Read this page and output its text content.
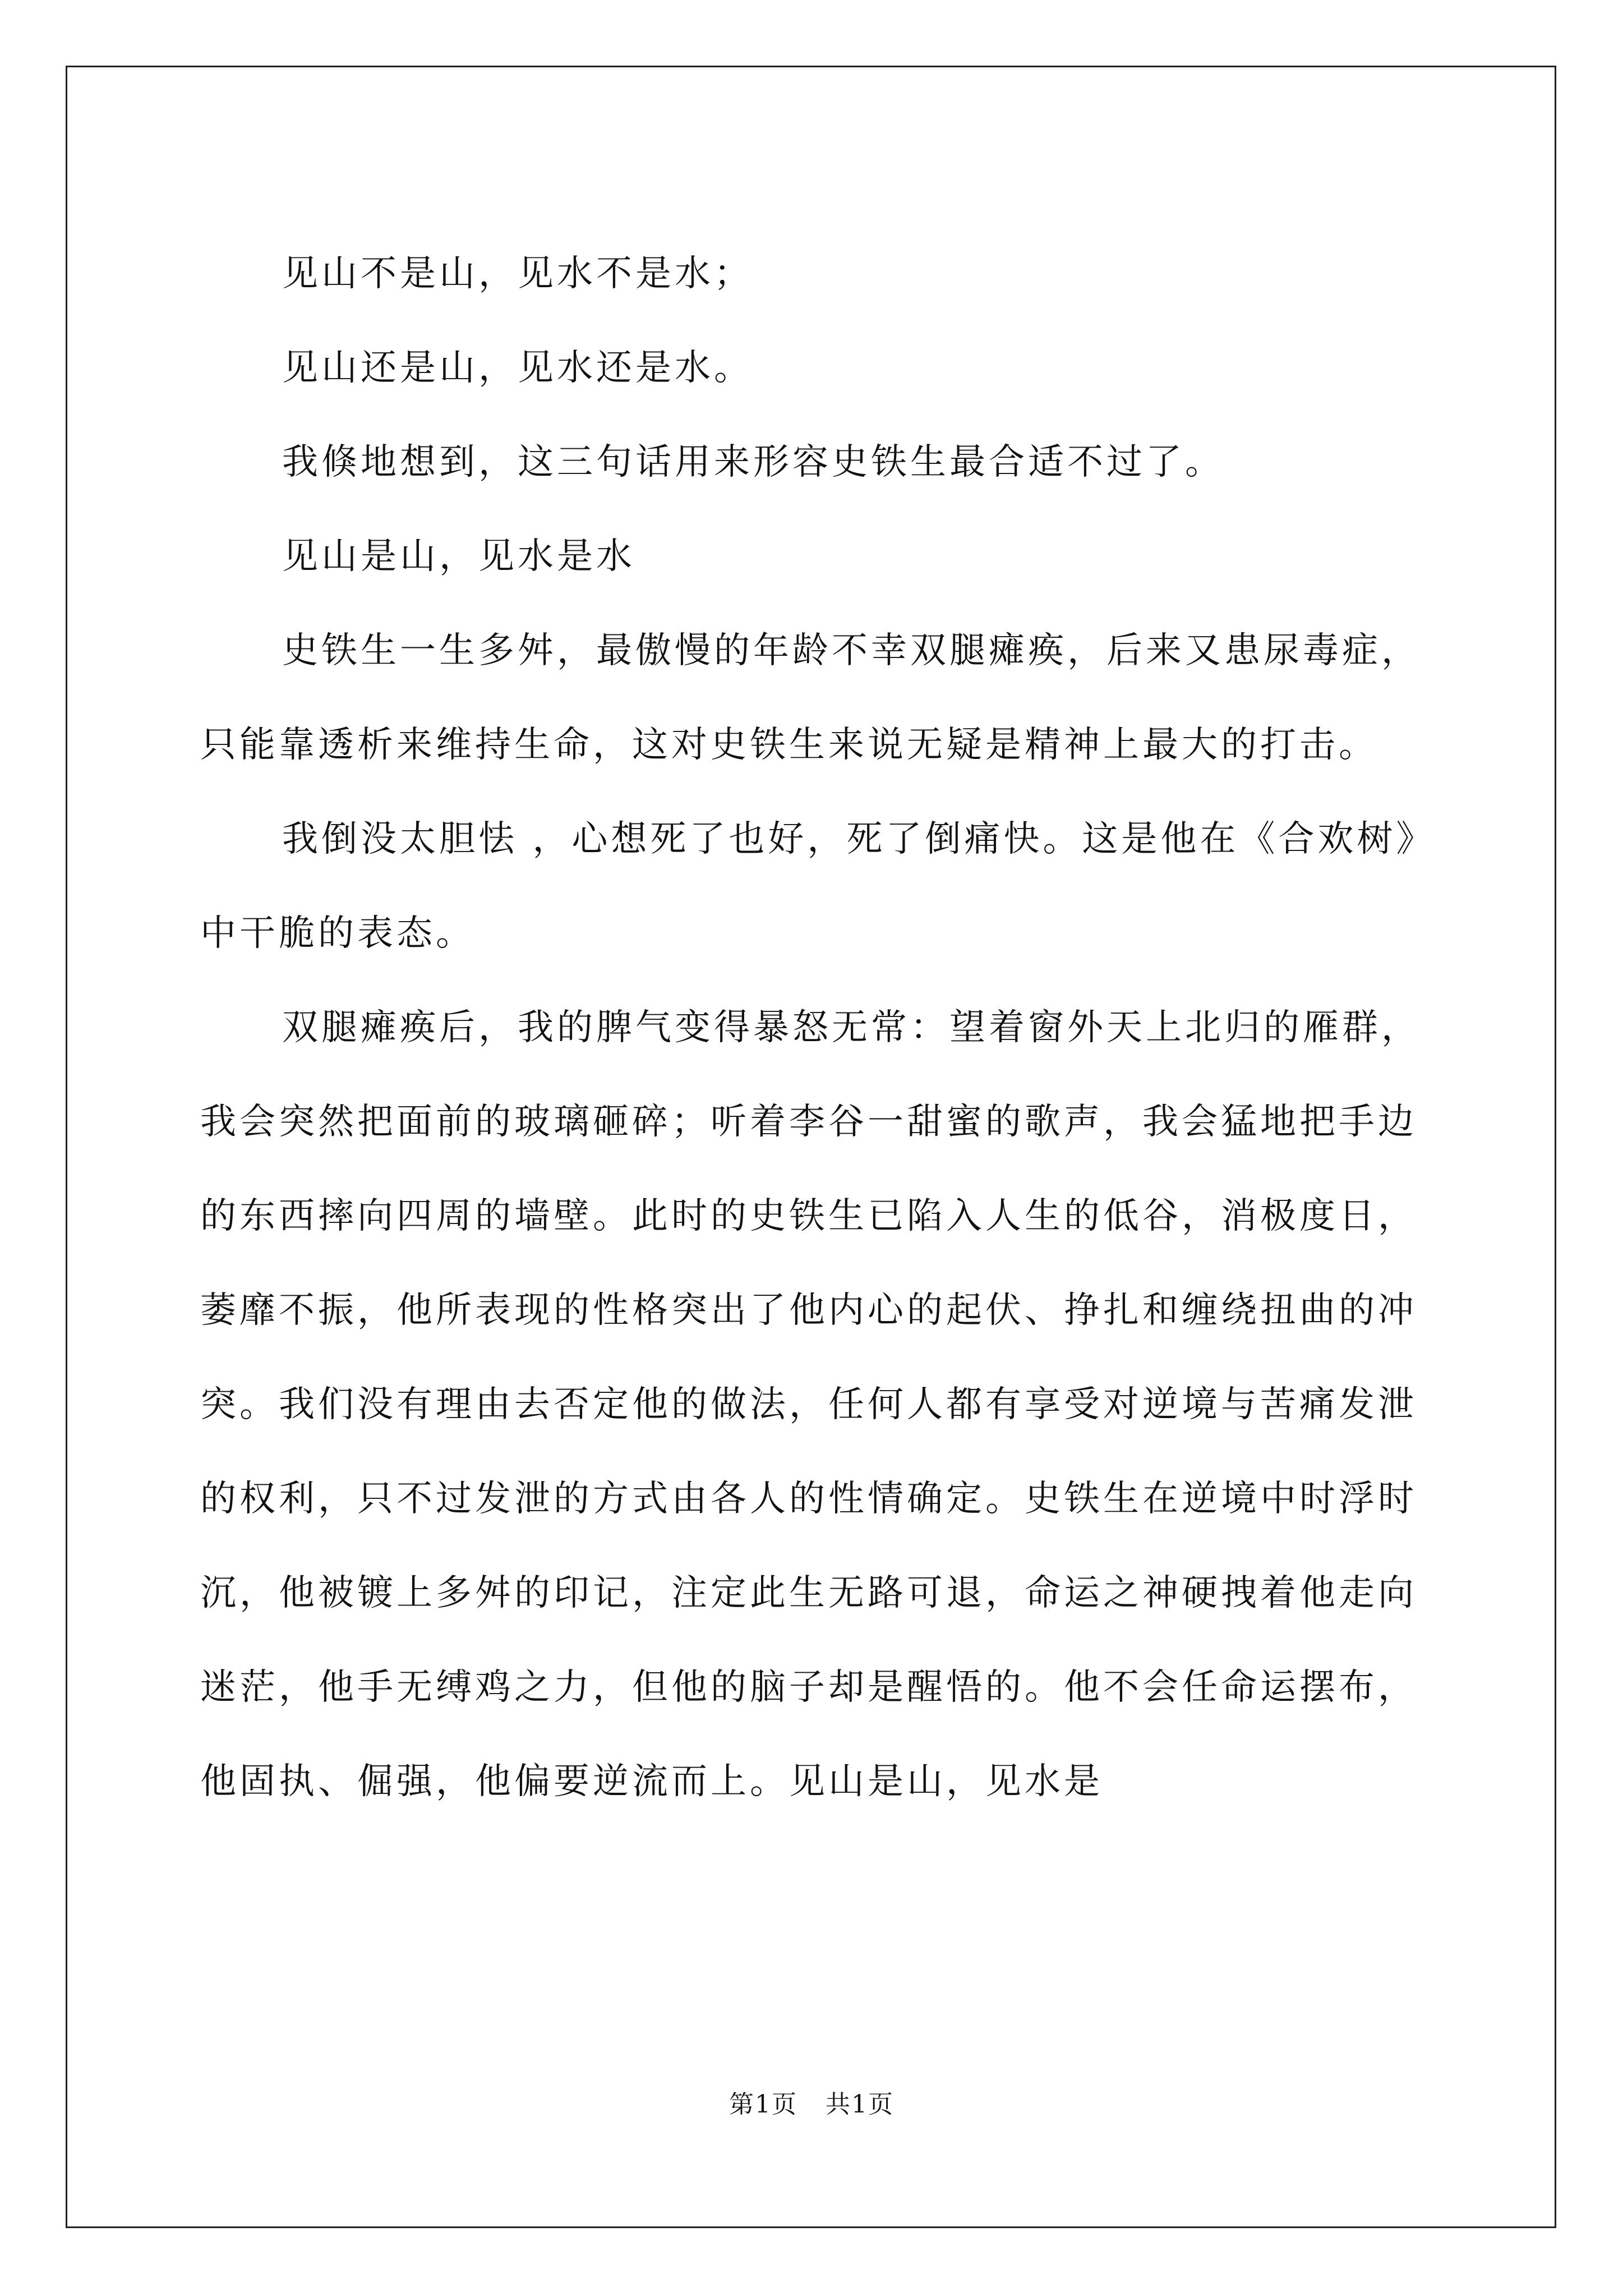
见山不是山，见水不是水；

见山还是山，见水还是水。

我倏地想到，这三句话用来形容史铁生最合适不过了。

见山是山，见水是水

史铁生一生多舛，最傲慢的年龄不幸双腿瘫痪，后来又患尿毒症，只能靠透析来维持生命，这对史铁生来说无疑是精神上最大的打击。

我倒没太胆怯 ，心想死了也好，死了倒痛快。这是他在《合欢树》中干脆的表态。

双腿瘫痪后，我的脾气变得暴怒无常：望着窗外天上北归的雁群，我会突然把面前的玻璃砸碎；听着李谷一甜蜜的歌声，我会猛地把手边的东西摔向四周的墙壁。此时的史铁生已陷入人生的低谷，消极度日，萎靡不振，他所表现的性格突出了他内心的起伏、挣扎和缠绕扭曲的冲突。我们没有理由去否定他的做法，任何人都有享受对逆境与苦痛发泄的权利，只不过发泄的方式由各人的性情确定。史铁生在逆境中时浮时沉，他被镀上多舛的印记，注定此生无路可退，命运之神硬拽着他走向迷茫，他手无缚鸡之力，但他的脑子却是醒悟的。他不会任命运摆布，他固执、倔强，他偏要逆流而上。见山是山，见水是

第1页 共1页
